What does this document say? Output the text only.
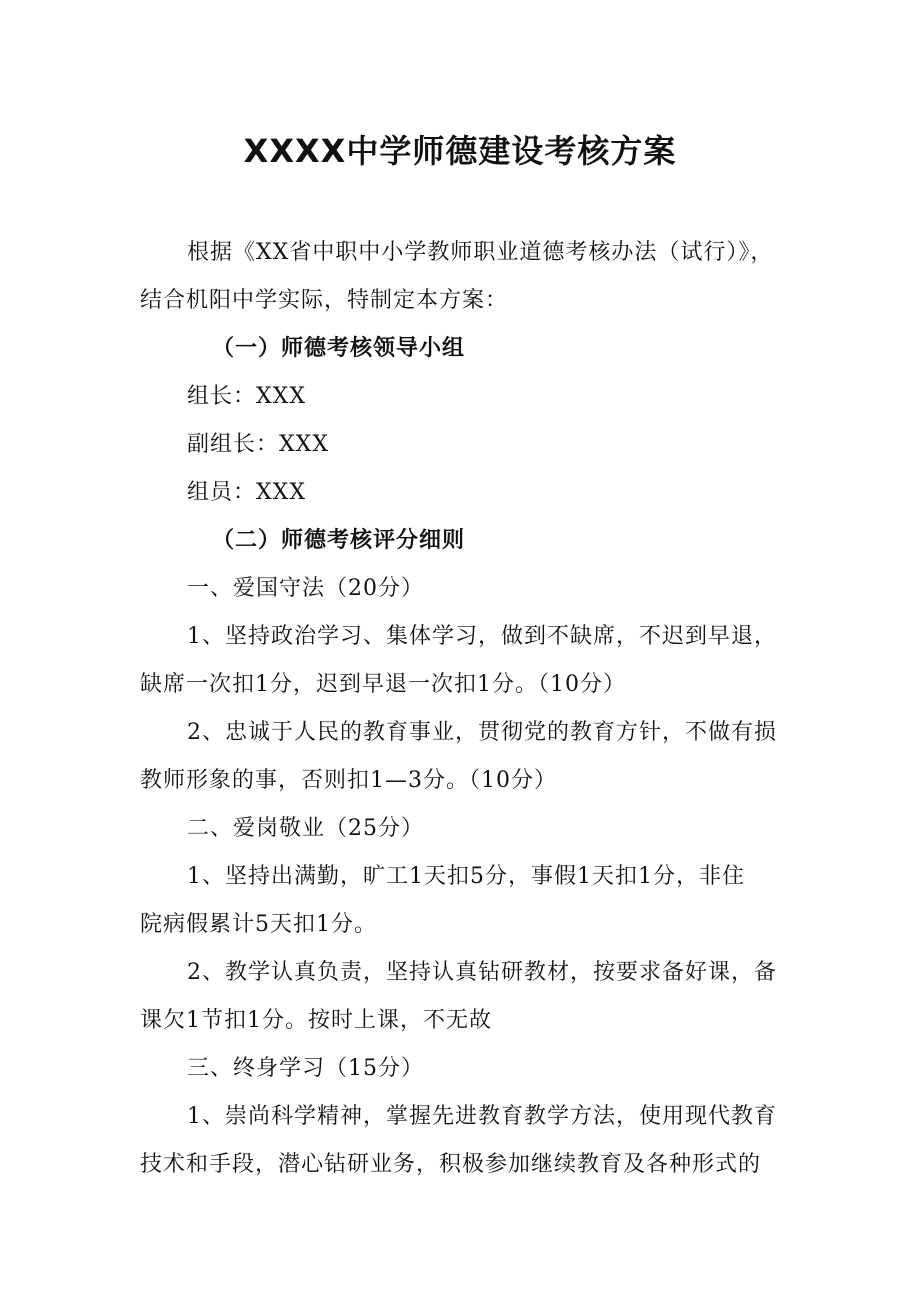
XXXX中学师德建设考核方案
根据《XX省中职中小学教师职业道德考核办法（试行）》，
结合机阳中学实际，特制定本方案：
（一）师德考核领导小组
组长：XXX
副组长：XXX
组员：XXX
（二）师德考核评分细则
一、爱国守法（20分）
1、坚持政治学习、集体学习，做到不缺席，不迟到早退，
缺席一次扣1分，迟到早退一次扣1分。（10分）
2、忠诚于人民的教育事业，贯彻党的教育方针，不做有损
教师形象的事，否则扣1—3分。（10分）
二、爱岗敬业（25分）
1、坚持出满勤，旷工1天扣5分，事假1天扣1分，非住
院病假累计5天扣1分。
2、教学认真负责，坚持认真钻研教材，按要求备好课，备
课欠1节扣1分。按时上课，不无故
三、终身学习（15分）
1、崇尚科学精神，掌握先进教育教学方法，使用现代教育
技术和手段，潜心钻研业务，积极参加继续教育及各种形式的
